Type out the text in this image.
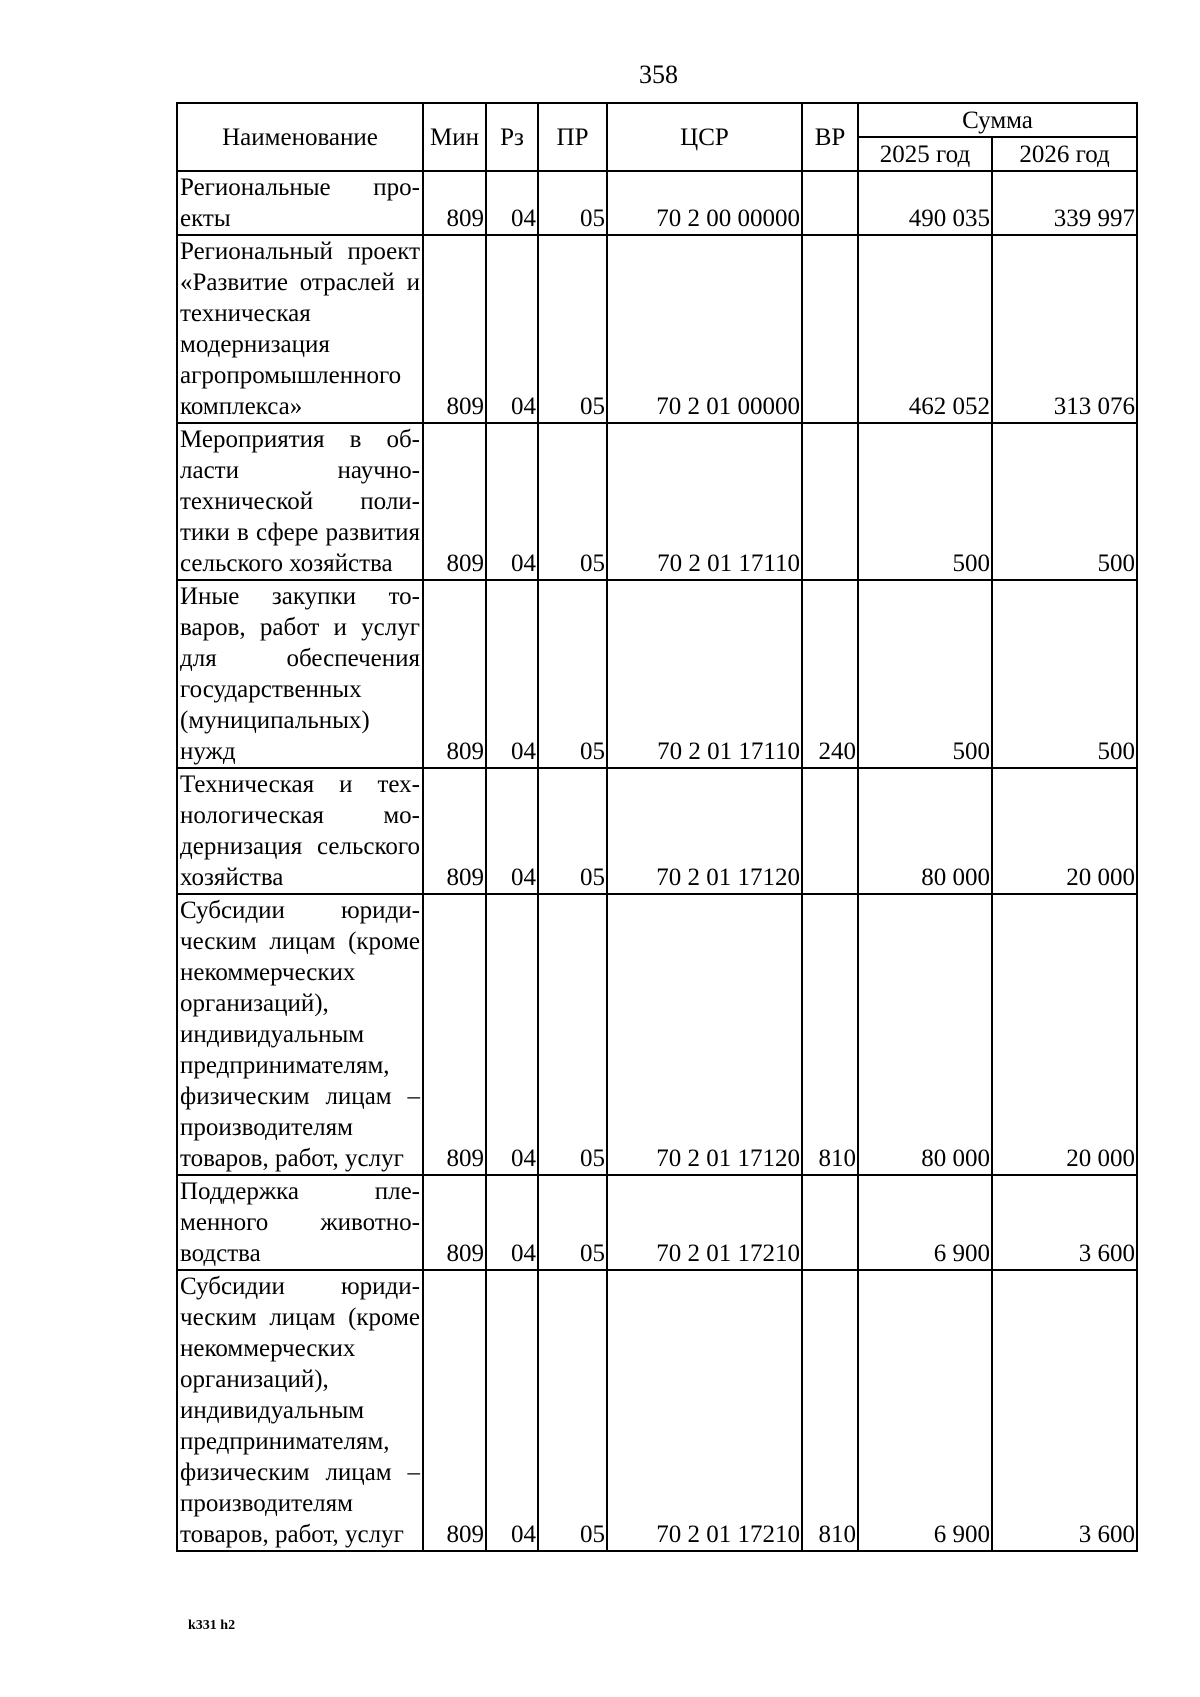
358
Наименование	Мин	Рз	ПР	ЦСР	ВР	Сумма	
						2025 год	2026 год
Региональные проекты	809	04	05	70 2 00 00000		490 035	339 997
Региональный проект «Развитие отраслей и техническая модернизация агропромышленного комплекса»	809	04	05	70 2 01 00000		462 052	313 076
Мероприятия в области научно-технической политики в сфере развития сельского хозяйства	809	04	05	70 2 01 17110		500	500
Иные закупки товаров, работ и услуг для обеспечения государственных (муниципальных) нужд	809	04	05	70 2 01 17110	240	500	500
Техническая и технологическая модернизация сельского хозяйства	809	04	05	70 2 01 17120		80 000	20 000
Субсидии юридическим лицам (кроме некоммерческих организаций), индивидуальным предпринимателям, физическим лицам – производителям товаров, работ, услуг	809	04	05	70 2 01 17120	810	80 000	20 000
Поддержка племенного животноводства	809	04	05	70 2 01 17210		6 900	3 600
Субсидии юридическим лицам (кроме некоммерческих организаций), индивидуальным предпринимателям, физическим лицам – производителям товаров, работ, услуг	809	04	05	70 2 01 17210	810	6 900	3 600
k331 h2
